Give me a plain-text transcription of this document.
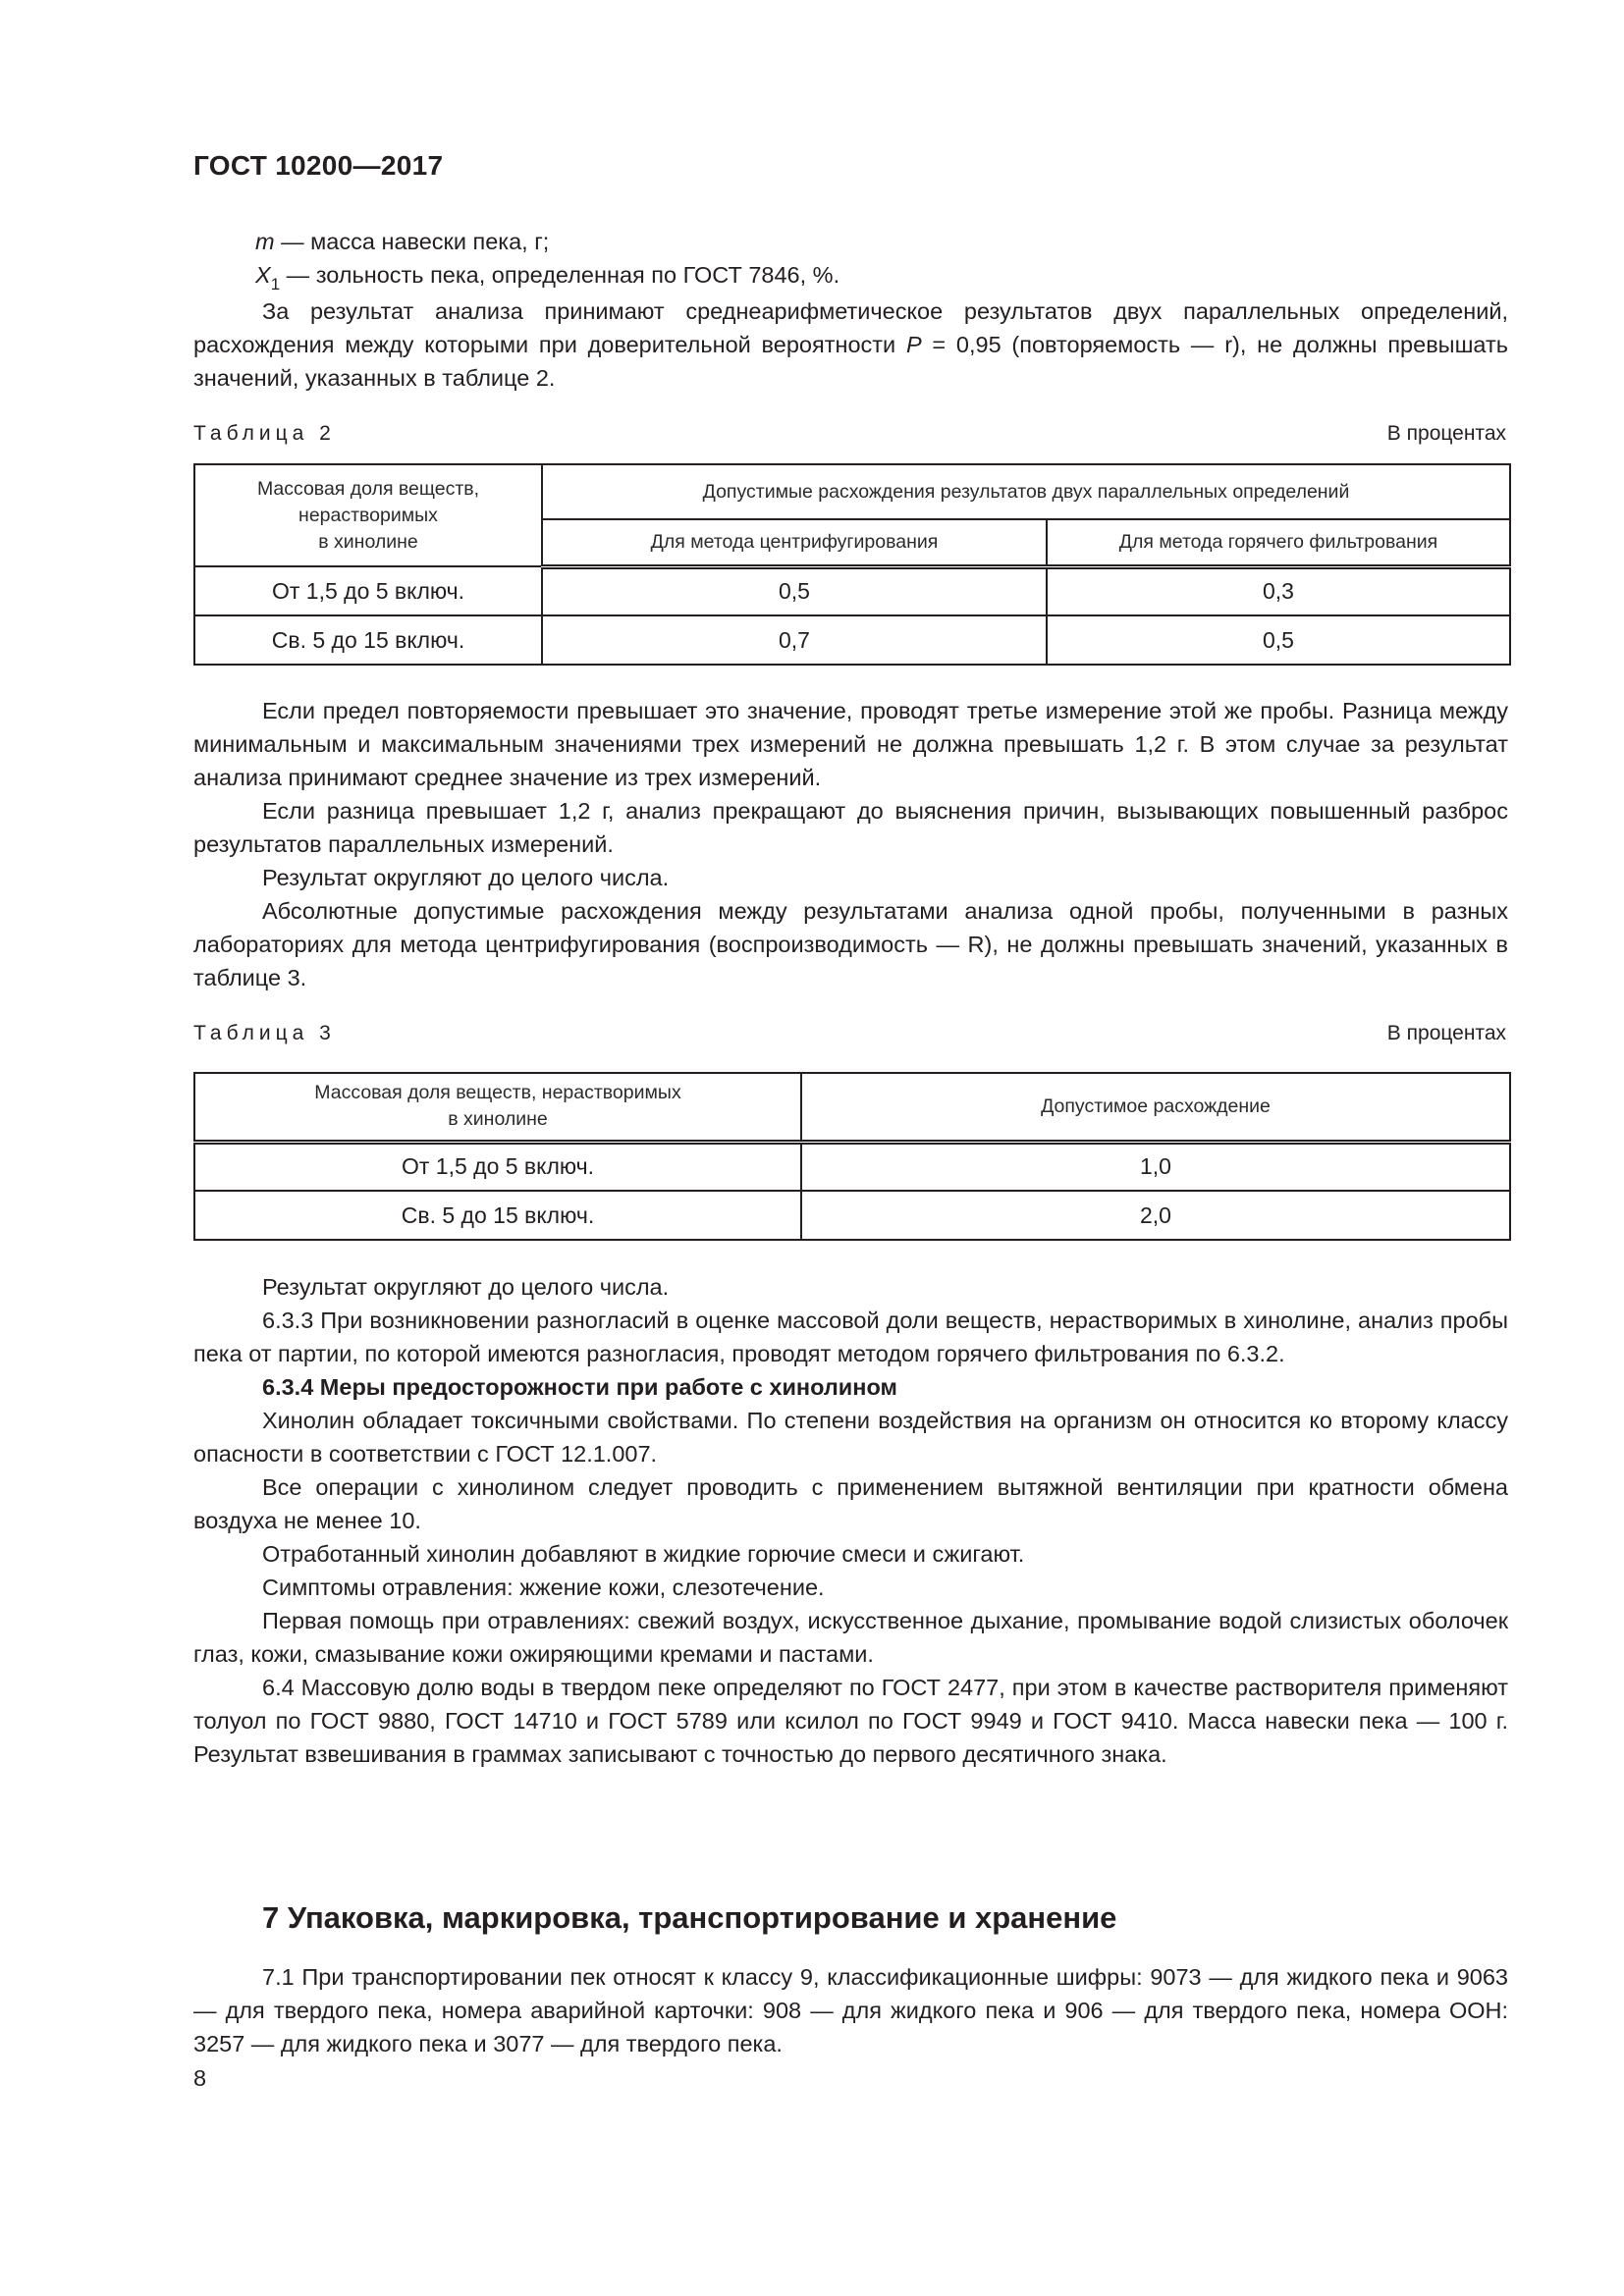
ГОСТ 10200—2017
m — масса навески пека, г;
$X_1$ — зольность пека, определенная по ГОСТ 7846, %.

За результат анализа принимают среднеарифметическое результатов двух параллельных определений, расхождения между которыми при доверительной вероятности P = 0,95 (повторяемость — r), не должны превышать значений, указанных в таблице 2.

Таблица 2	В процентах
Массовая доля веществ,
нерастворимых
в хинолине	Допустимые расхождения результатов двух параллельных определений	
	Для метода центрифугирования	Для метода горячего фильтрования
От 1,5 до 5 включ.	0,5	0,3
Св. 5 до 15 включ.	0,7	0,5

Если предел повторяемости превышает это значение, проводят третье измерение этой же пробы. Разница между минимальным и максимальным значениями трех измерений не должна превышать 1,2 г. В этом случае за результат анализа принимают среднее значение из трех измерений.

Если разница превышает 1,2 г, анализ прекращают до выяснения причин, вызывающих повышенный разброс результатов параллельных измерений.

Результат округляют до целого числа.

Абсолютные допустимые расхождения между результатами анализа одной пробы, полученными в разных лабораториях для метода центрифугирования (воспроизводимость — R), не должны превышать значений, указанных в таблице 3.

Таблица 3	В процентах
Массовая доля веществ, нерастворимых
в хинолине	Допустимое расхождение
От 1,5 до 5 включ.	1,0
Св. 5 до 15 включ.	2,0

Результат округляют до целого числа.

6.3.3 При возникновении разногласий в оценке массовой доли веществ, нерастворимых в хинолине, анализ пробы пека от партии, по которой имеются разногласия, проводят методом горячего фильтрования по 6.3.2.

6.3.4 Меры предосторожности при работе с хинолином

Хинолин обладает токсичными свойствами. По степени воздействия на организм он относится ко второму классу опасности в соответствии с ГОСТ 12.1.007.

Все операции с хинолином следует проводить с применением вытяжной вентиляции при кратности обмена воздуха не менее 10.

Отработанный хинолин добавляют в жидкие горючие смеси и сжигают.

Симптомы отравления: жжение кожи, слезотечение.

Первая помощь при отравлениях: свежий воздух, искусственное дыхание, промывание водой слизистых оболочек глаз, кожи, смазывание кожи ожиряющими кремами и пастами.

6.4 Массовую долю воды в твердом пеке определяют по ГОСТ 2477, при этом в качестве растворителя применяют толуол по ГОСТ 9880, ГОСТ 14710 и ГОСТ 5789 или ксилол по ГОСТ 9949 и ГОСТ 9410. Масса навески пека — 100 г. Результат взвешивания в граммах записывают с точностью до первого десятичного знака.

7 Упаковка, маркировка, транспортирование и хранение

7.1 При транспортировании пек относят к классу 9, классификационные шифры: 9073 — для жидкого пека и 9063 — для твердого пека, номера аварийной карточки: 908 — для жидкого пека и 906 — для твердого пека, номера ООН: 3257 — для жидкого пека и 3077 — для твердого пека.

8
